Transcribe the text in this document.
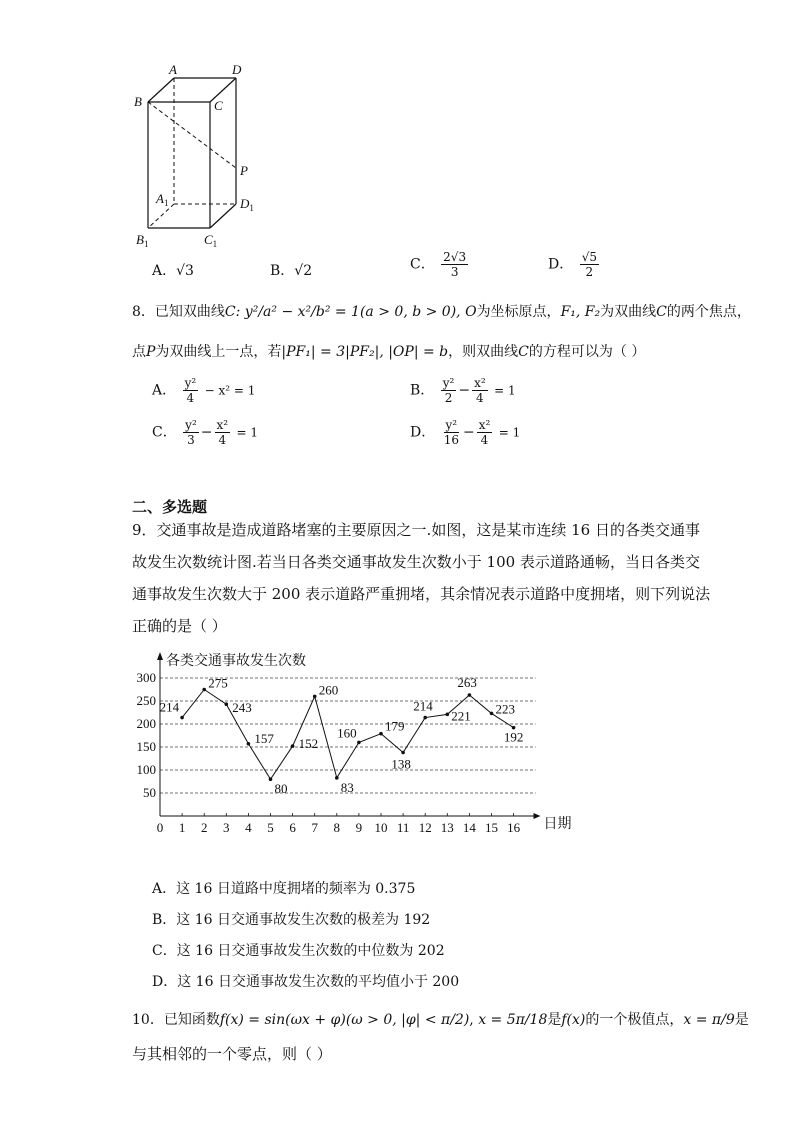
A	D
B	C
P
$A_1$	$D_1$
$B_1$	$C_1$
A．√3	B．√2	C． $\frac{2√3}{3}$	D． $\frac{√5}{2}$
8．已知双曲线C: y²/a² − x²/b² = 1(a > 0, b > 0), O为坐标原点，F₁, F₂为双曲线C的两个焦点，
点P为双曲线上一点，若|PF₁| = 3|PF₂|, |OP| = b，则双曲线C的方程可以为（ ）
A． $\frac{\text{y²}}{4} - x^2 = 1$	B． $\frac{\text{y²}}{2} - \frac{\text{x²}}{4} = 1$
C． $\frac{\text{y²}}{3} - \frac{\text{x²}}{4} = 1$	D． $\frac{\text{y²}}{16} - \frac{\text{x²}}{4} = 1$
二、多选题
9．交通事故是造成道路堵塞的主要原因之一.如图，这是某市连续 16 日的各类交通事
故发生次数统计图.若当日各类交通事故发生次数小于 100 表示道路通畅，当日各类交
通事故发生次数大于 200 表示道路严重拥堵，其余情况表示道路中度拥堵，则下列说法
正确的是（ ）
50
100
150
200
250
300
各类交通事故发生次数
日期
0 1 2 3 4 5 6 7 8 9 10 11 12 13 14 15 16
214
275
243
157
80
152
260
83
160 179
138
214
221
263
223
192
A．这 16 日道路中度拥堵的频率为 0.375
B．这 16 日交通事故发生次数的极差为 192
C．这 16 日交通事故发生次数的中位数为 202
D．这 16 日交通事故发生次数的平均值小于 200
10．已知函数f(x) = sin(ωx + φ)(ω > 0, |φ| < π/2), x = 5π/18是f(x)的一个极值点，x = π/9是
与其相邻的一个零点，则（ ）
